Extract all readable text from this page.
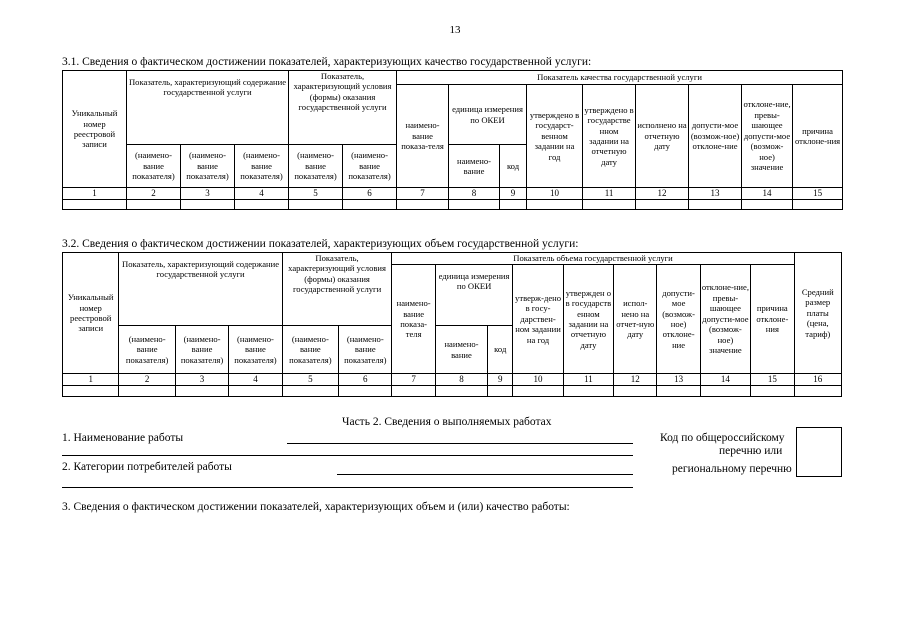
13
3.1. Сведения о фактическом достижении показателей, характеризующих качество государственной услуги:
Уникальный номер реестровой записи	Показатель, характеризующий содержание государственной услуги			Показатель, характеризующий условия (формы) оказания государственной услуги		Показатель качества государственной услуги								
						наимено-вание показа-теля	единица измерения по ОКЕИ		утверждено в государст-венном задании на год	утверждено в государстве нном задании на отчетную дату	исполнено на отчетную дату	допусти-мое (возмож-ное) отклоне-ние	отклоне-ние, превы-шающее допусти-мое (возмож-ное) значение	причина отклоне-ния
	(наимено-вание показателя)	(наимено-вание показателя)	(наимено-вание показателя)	(наимено-вание показателя)	(наимено-вание показателя)		наимено-вание	код						
1	2	3	4	5	6	7	8	9	10	11	12	13	14	15

3.2. Сведения о фактическом достижении показателей, характеризующих объем государственной услуги:
Уникальный номер реестровой записи	Показатель, характеризующий содержание государственной услуги			Показатель, характеризующий условия (формы) оказания государственной услуги		Показатель объема государственной услуги									Средний размер платы (цена, тариф)
						наимено-вание показа-теля	единица измерения по ОКЕИ		утверж-дено в госу-дарствен-ном задании на год	утвержден о в государств енном задании на отчетную дату	испол-нено на отчет-ную дату	допусти-мое (возмож-ное) отклоне-ние	отклоне-ние, превы-шающее допусти-мое (возмож-ное) значение	причина отклоне-ния	
	(наимено-вание показателя)	(наимено-вание показателя)	(наимено-вание показателя)	(наимено-вание показателя)	(наимено-вание показателя)		наимено-вание	код							
1	2	3	4	5	6	7	8	9	10	11	12	13	14	15	16

Часть 2. Сведения о выполняемых работах
1. Наименование работы
2. Категории потребителей работы
Код по общероссийскому
перечню или
региональному перечню
3. Сведения о фактическом достижении показателей, характеризующих объем и (или) качество работы:
